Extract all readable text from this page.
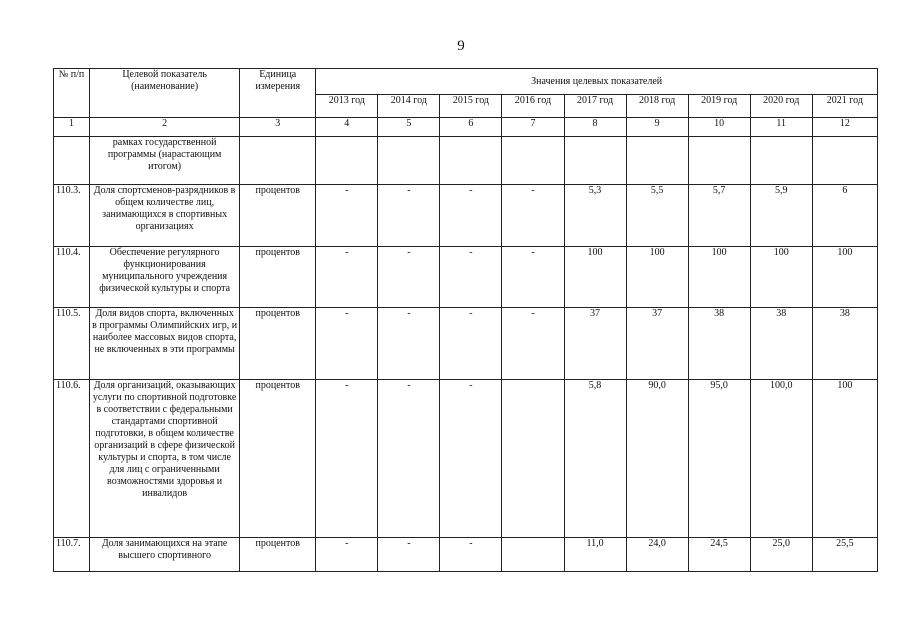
9
№ п/п	Целевой показатель (наименование)	Единица измерения	Значения целевых показателей								
			2013 год	2014 год	2015 год	2016 год	2017 год	2018 год	2019 год	2020 год	2021 год
1	2	3	4	5	6	7	8	9	10	11	12
	рамках государственной программы (нарастающим итогом)										
110.3.	Доля спортсменов-разрядников в общем количестве лиц, занимающихся в спортивных организациях	процентов	-	-	-	-	5,3	5,5	5,7	5,9	6
110.4.	Обеспечение регулярного функционирования муниципального учреждения физической культуры и спорта	процентов	-	-	-	-	100	100	100	100	100
110.5.	Доля видов спорта, включенных в программы Олимпийских игр, и наиболее массовых видов спорта, не включенных в эти программы	процентов	-	-	-	-	37	37	38	38	38
110.6.	Доля организаций, оказывающих услуги по спортивной подготовке в соответствии с федеральными стандартами спортивной подготовки, в общем количестве организаций в сфере физической культуры и спорта, в том числе для лиц с ограниченными возможностями здоровья и инвалидов	процентов	-	-	-		5,8	90,0	95,0	100,0	100
110.7.	Доля занимающихся на этапе высшего спортивного	процентов	-	-	-		11,0	24,0	24,5	25,0	25,5
